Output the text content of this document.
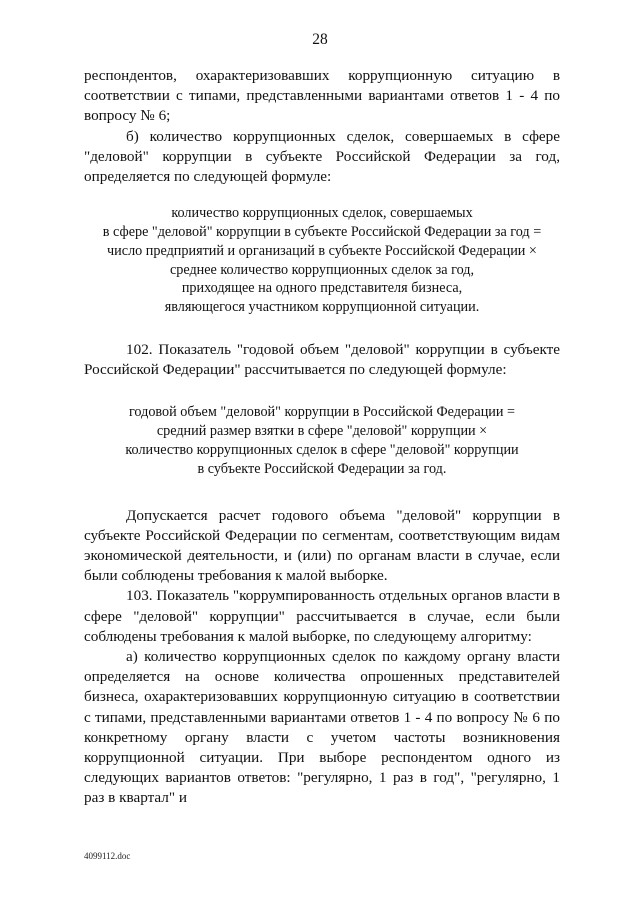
28

респондентов, охарактеризовавших коррупционную ситуацию в соответствии с типами, представленными вариантами ответов 1 - 4 по вопросу № 6;

б) количество коррупционных сделок, совершаемых в сфере "деловой" коррупции в субъекте Российской Федерации за год, определяется по следующей формуле:

количество коррупционных сделок, совершаемых
в сфере "деловой" коррупции в субъекте Российской Федерации за год =
число предприятий и организаций в субъекте Российской Федерации ×
среднее количество коррупционных сделок за год,
приходящее на одного представителя бизнеса,
являющегося участником коррупционной ситуации.

102. Показатель "годовой объем "деловой" коррупции в субъекте Российской Федерации" рассчитывается по следующей формуле:

годовой объем "деловой" коррупции в Российской Федерации =
средний размер взятки в сфере "деловой" коррупции ×
количество коррупционных сделок в сфере "деловой" коррупции
в субъекте Российской Федерации за год.

Допускается расчет годового объема "деловой" коррупции в субъекте Российской Федерации по сегментам, соответствующим видам экономической деятельности, и (или) по органам власти в случае, если были соблюдены требования к малой выборке.

103. Показатель "коррумпированность отдельных органов власти в сфере "деловой" коррупции" рассчитывается в случае, если были соблюдены требования к малой выборке, по следующему алгоритму:

а) количество коррупционных сделок по каждому органу власти определяется на основе количества опрошенных представителей бизнеса, охарактеризовавших коррупционную ситуацию в соответствии с типами, представленными вариантами ответов 1 - 4 по вопросу № 6 по конкретному органу власти с учетом частоты возникновения коррупционной ситуации. При выборе респондентом одного из следующих вариантов ответов: "регулярно, 1 раз в год", "регулярно, 1 раз в квартал" и

4099112.doc
